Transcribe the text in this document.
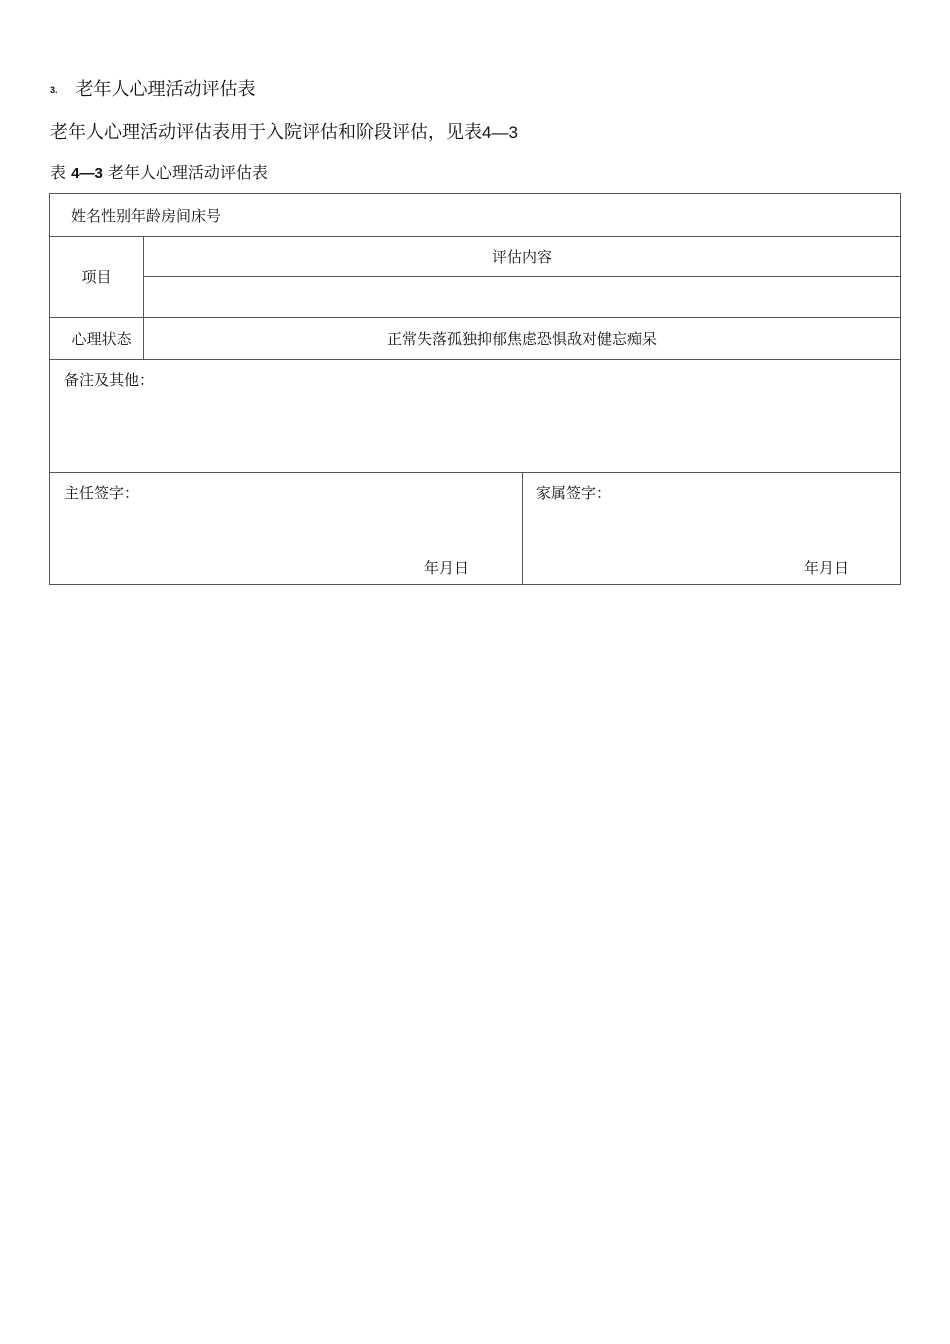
$^{3.}$ 老年人心理活动评估表
老年人心理活动评估表用于入院评估和阶段评估，见表4—3
表 4—3 老年人心理活动评估表
姓名性别年龄房间床号
项目
评估内容
心理状态	正常失落孤独抑郁焦虑恐惧敌对健忘痴呆
备注及其他：
主任签字：
年月日
家属签字：
年月日
